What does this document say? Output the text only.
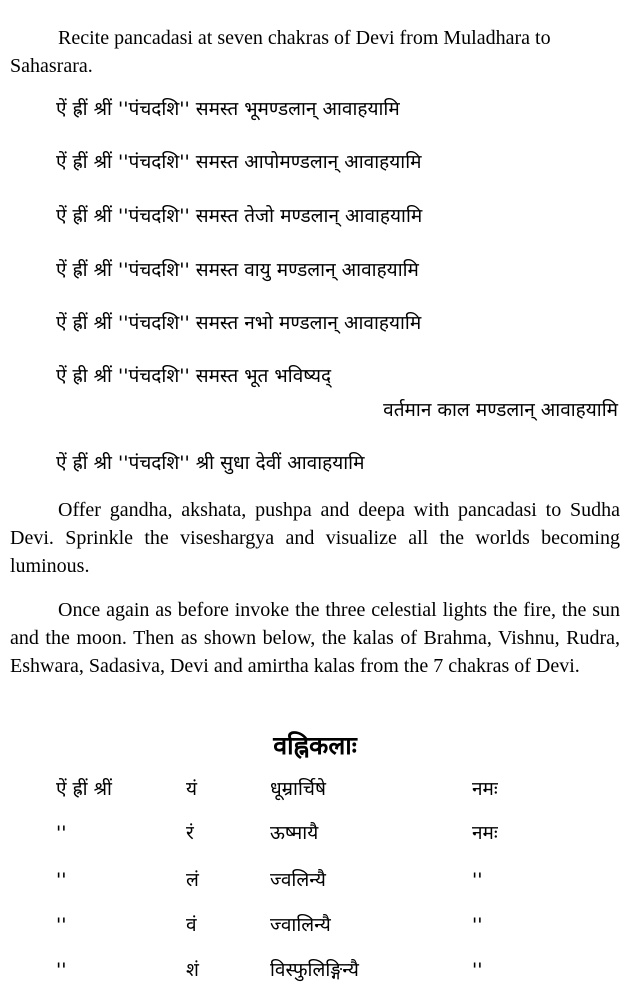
Recite pancadasi at seven chakras of Devi from Muladhara to
Sahasrara.

ऐं ह्रीं श्रीं ''पंचदशि'' समस्त भूमण्डलान् आवाहयामि
ऐं ह्रीं श्रीं ''पंचदशि'' समस्त आपोमण्डलान् आवाहयामि
ऐं ह्रीं श्रीं ''पंचदशि'' समस्त तेजो मण्डलान् आवाहयामि
ऐं ह्रीं श्रीं ''पंचदशि'' समस्त वायु मण्डलान् आवाहयामि
ऐं ह्रीं श्रीं ''पंचदशि'' समस्त नभो मण्डलान् आवाहयामि
ऐं ह्री श्रीं ''पंचदशि'' समस्त भूत भविष्यद्
वर्तमान काल मण्डलान् आवाहयामि
ऐं ह्रीं श्री ''पंचदशि'' श्री सुधा देवीं आवाहयामि

Offer gandha, akshata, pushpa and deepa with pancadasi to Sudha Devi. Sprinkle the viseshargya and visualize all the worlds becoming luminous.

Once again as before invoke the three celestial lights the fire, the sun and the moon. Then as shown below, the kalas of Brahma, Vishnu, Rudra, Eshwara, Sadasiva, Devi and amirtha kalas from the 7 chakras of Devi.

वह्निकलाः
ऐं ह्रीं श्रीं	यं	धूम्रार्चिषे	नमः
''	रं	ऊष्मायै	नमः
''	लं	ज्वलिन्यै	''
''	वं	ज्वालिन्यै	''
''	शं	विस्फुलिङ्गिन्यै	''
